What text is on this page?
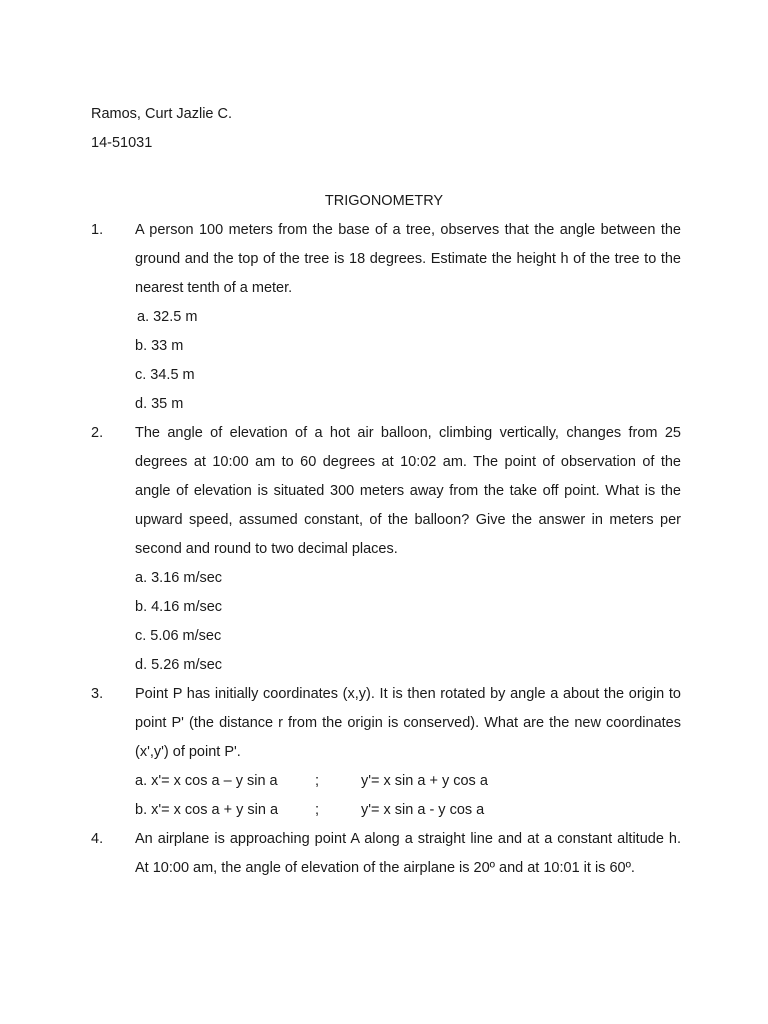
Ramos, Curt Jazlie C.
14-51031
TRIGONOMETRY
1. A person 100 meters from the base of a tree, observes that the angle between the ground and the top of the tree is 18 degrees. Estimate the height h of the tree to the nearest tenth of a meter.
a. 32.5 m
b. 33 m
c. 34.5 m
d. 35 m
2. The angle of elevation of a hot air balloon, climbing vertically, changes from 25 degrees at 10:00 am to 60 degrees at 10:02 am. The point of observation of the angle of elevation is situated 300 meters away from the take off point. What is the upward speed, assumed constant, of the balloon? Give the answer in meters per second and round to two decimal places.
a. 3.16 m/sec
b. 4.16 m/sec
c. 5.06 m/sec
d. 5.26 m/sec
3. Point P has initially coordinates (x,y). It is then rotated by angle a about the origin to point P' (the distance r from the origin is conserved). What are the new coordinates (x',y') of point P'.
a. x'= x cos a – y sin a	;	y'= x sin a + y cos a
b. x'= x cos a + y sin a	;	y'= x sin a - y cos a
4. An airplane is approaching point A along a straight line and at a constant altitude h. At 10:00 am, the angle of elevation of the airplane is 20º and at 10:01 it is 60º.
